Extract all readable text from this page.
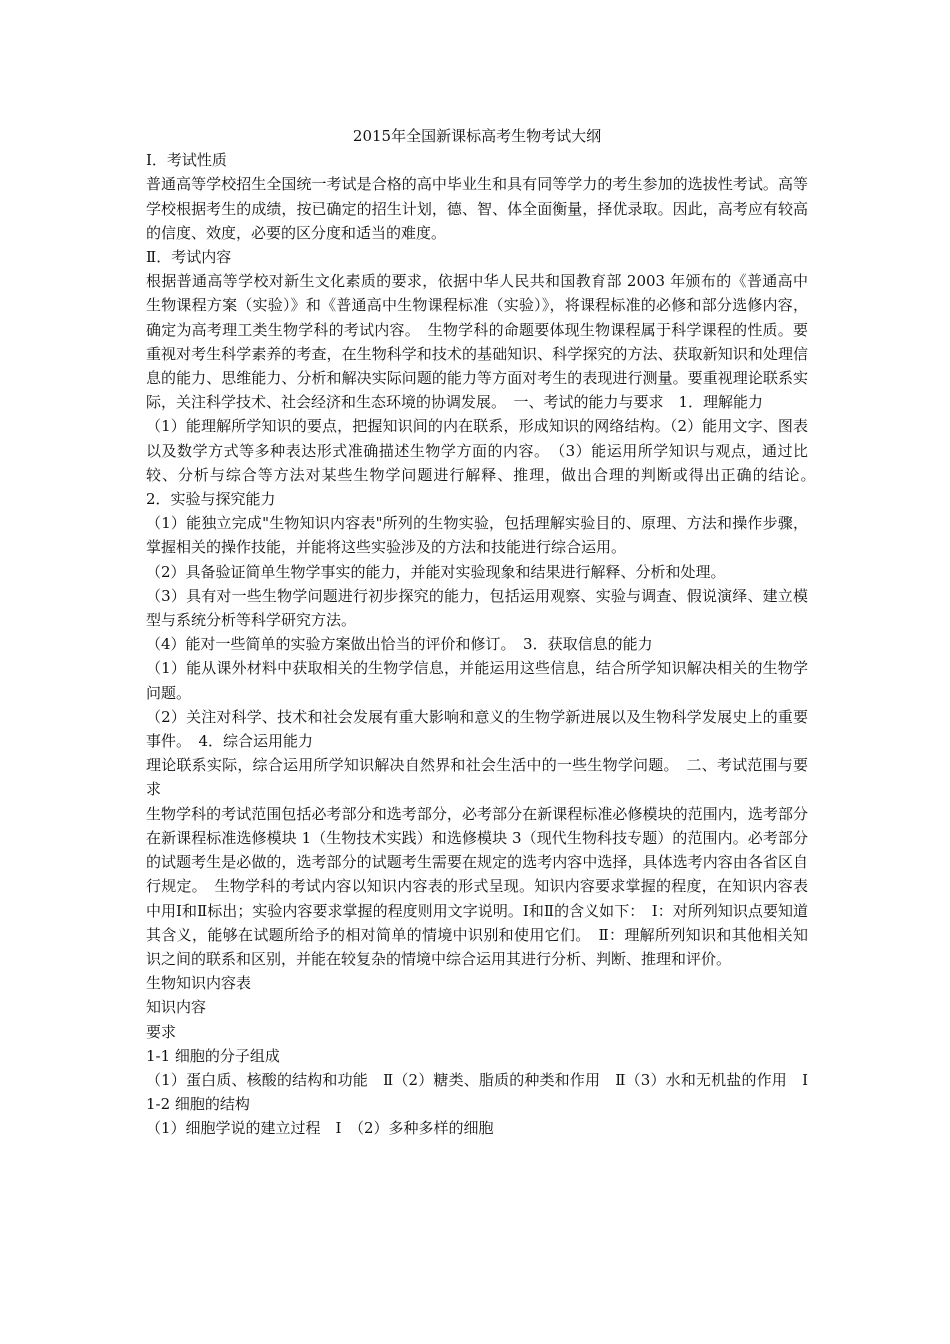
2015年全国新课标高考生物考试大纲
Ⅰ．考试性质
普通高等学校招生全国统一考试是合格的高中毕业生和具有同等学力的考生参加的选拔性考试。高等学校根据考生的成绩，按已确定的招生计划，德、智、体全面衡量，择优录取。因此，高考应有较高的信度、效度，必要的区分度和适当的难度。
Ⅱ．考试内容
根据普通高等学校对新生文化素质的要求，依据中华人民共和国教育部 2003 年颁布的《普通高中生物课程方案（实验）》和《普通高中生物课程标准（实验）》，将课程标准的必修和部分选修内容，确定为高考理工类生物学科的考试内容。　生物学科的命题要体现生物课程属于科学课程的性质。要重视对考生科学素养的考查，在生物科学和技术的基础知识、科学探究的方法、获取新知识和处理信息的能力、思维能力、分析和解决实际问题的能力等方面对考生的表现进行测量。要重视理论联系实际，关注科学技术、社会经济和生态环境的协调发展。　一、考试的能力与要求　1．理解能力
（1）能理解所学知识的要点，把握知识间的内在联系，形成知识的网络结构。（2）能用文字、图表以及数学方式等多种表达形式准确描述生物学方面的内容。　（3）能运用所学知识与观点，通过比较、分析与综合等方法对某些生物学问题进行解释、推理，做出合理的判断或得出正确的结论。　2．实验与探究能力
（1）能独立完成"生物知识内容表"所列的生物实验，包括理解实验目的、原理、方法和操作步骤，掌握相关的操作技能，并能将这些实验涉及的方法和技能进行综合运用。
（2）具备验证简单生物学事实的能力，并能对实验现象和结果进行解释、分析和处理。
（3）具有对一些生物学问题进行初步探究的能力，包括运用观察、实验与调查、假说演绎、建立模型与系统分析等科学研究方法。
（4）能对一些简单的实验方案做出恰当的评价和修订。　3．获取信息的能力
（1）能从课外材料中获取相关的生物学信息，并能运用这些信息，结合所学知识解决相关的生物学问题。
（2）关注对科学、技术和社会发展有重大影响和意义的生物学新进展以及生物科学发展史上的重要事件。　4．综合运用能力
理论联系实际，综合运用所学知识解决自然界和社会生活中的一些生物学问题。　二、考试范围与要求
生物学科的考试范围包括必考部分和选考部分，必考部分在新课程标准必修模块的范围内，选考部分在新课程标准选修模块 1（生物技术实践）和选修模块 3（现代生物科技专题）的范围内。必考部分的试题考生是必做的，选考部分的试题考生需要在规定的选考内容中选择，具体选考内容由各省区自行规定。　生物学科的考试内容以知识内容表的形式呈现。知识内容要求掌握的程度，在知识内容表中用Ⅰ和Ⅱ标出；实验内容要求掌握的程度则用文字说明。Ⅰ和Ⅱ的含义如下：　Ⅰ：对所列知识点要知道其含义，能够在试题所给予的相对简单的情境中识别和使用它们。　Ⅱ：理解所列知识和其他相关知识之间的联系和区别，并能在较复杂的情境中综合运用其进行分析、判断、推理和评价。
生物知识内容表
知识内容
要求
1-1 细胞的分子组成
（1）蛋白质、核酸的结构和功能　Ⅱ（2）糖类、脂质的种类和作用　Ⅱ（3）水和无机盐的作用　Ⅰ　1-2 细胞的结构
（1）细胞学说的建立过程　Ⅰ　（2）多种多样的细胞
